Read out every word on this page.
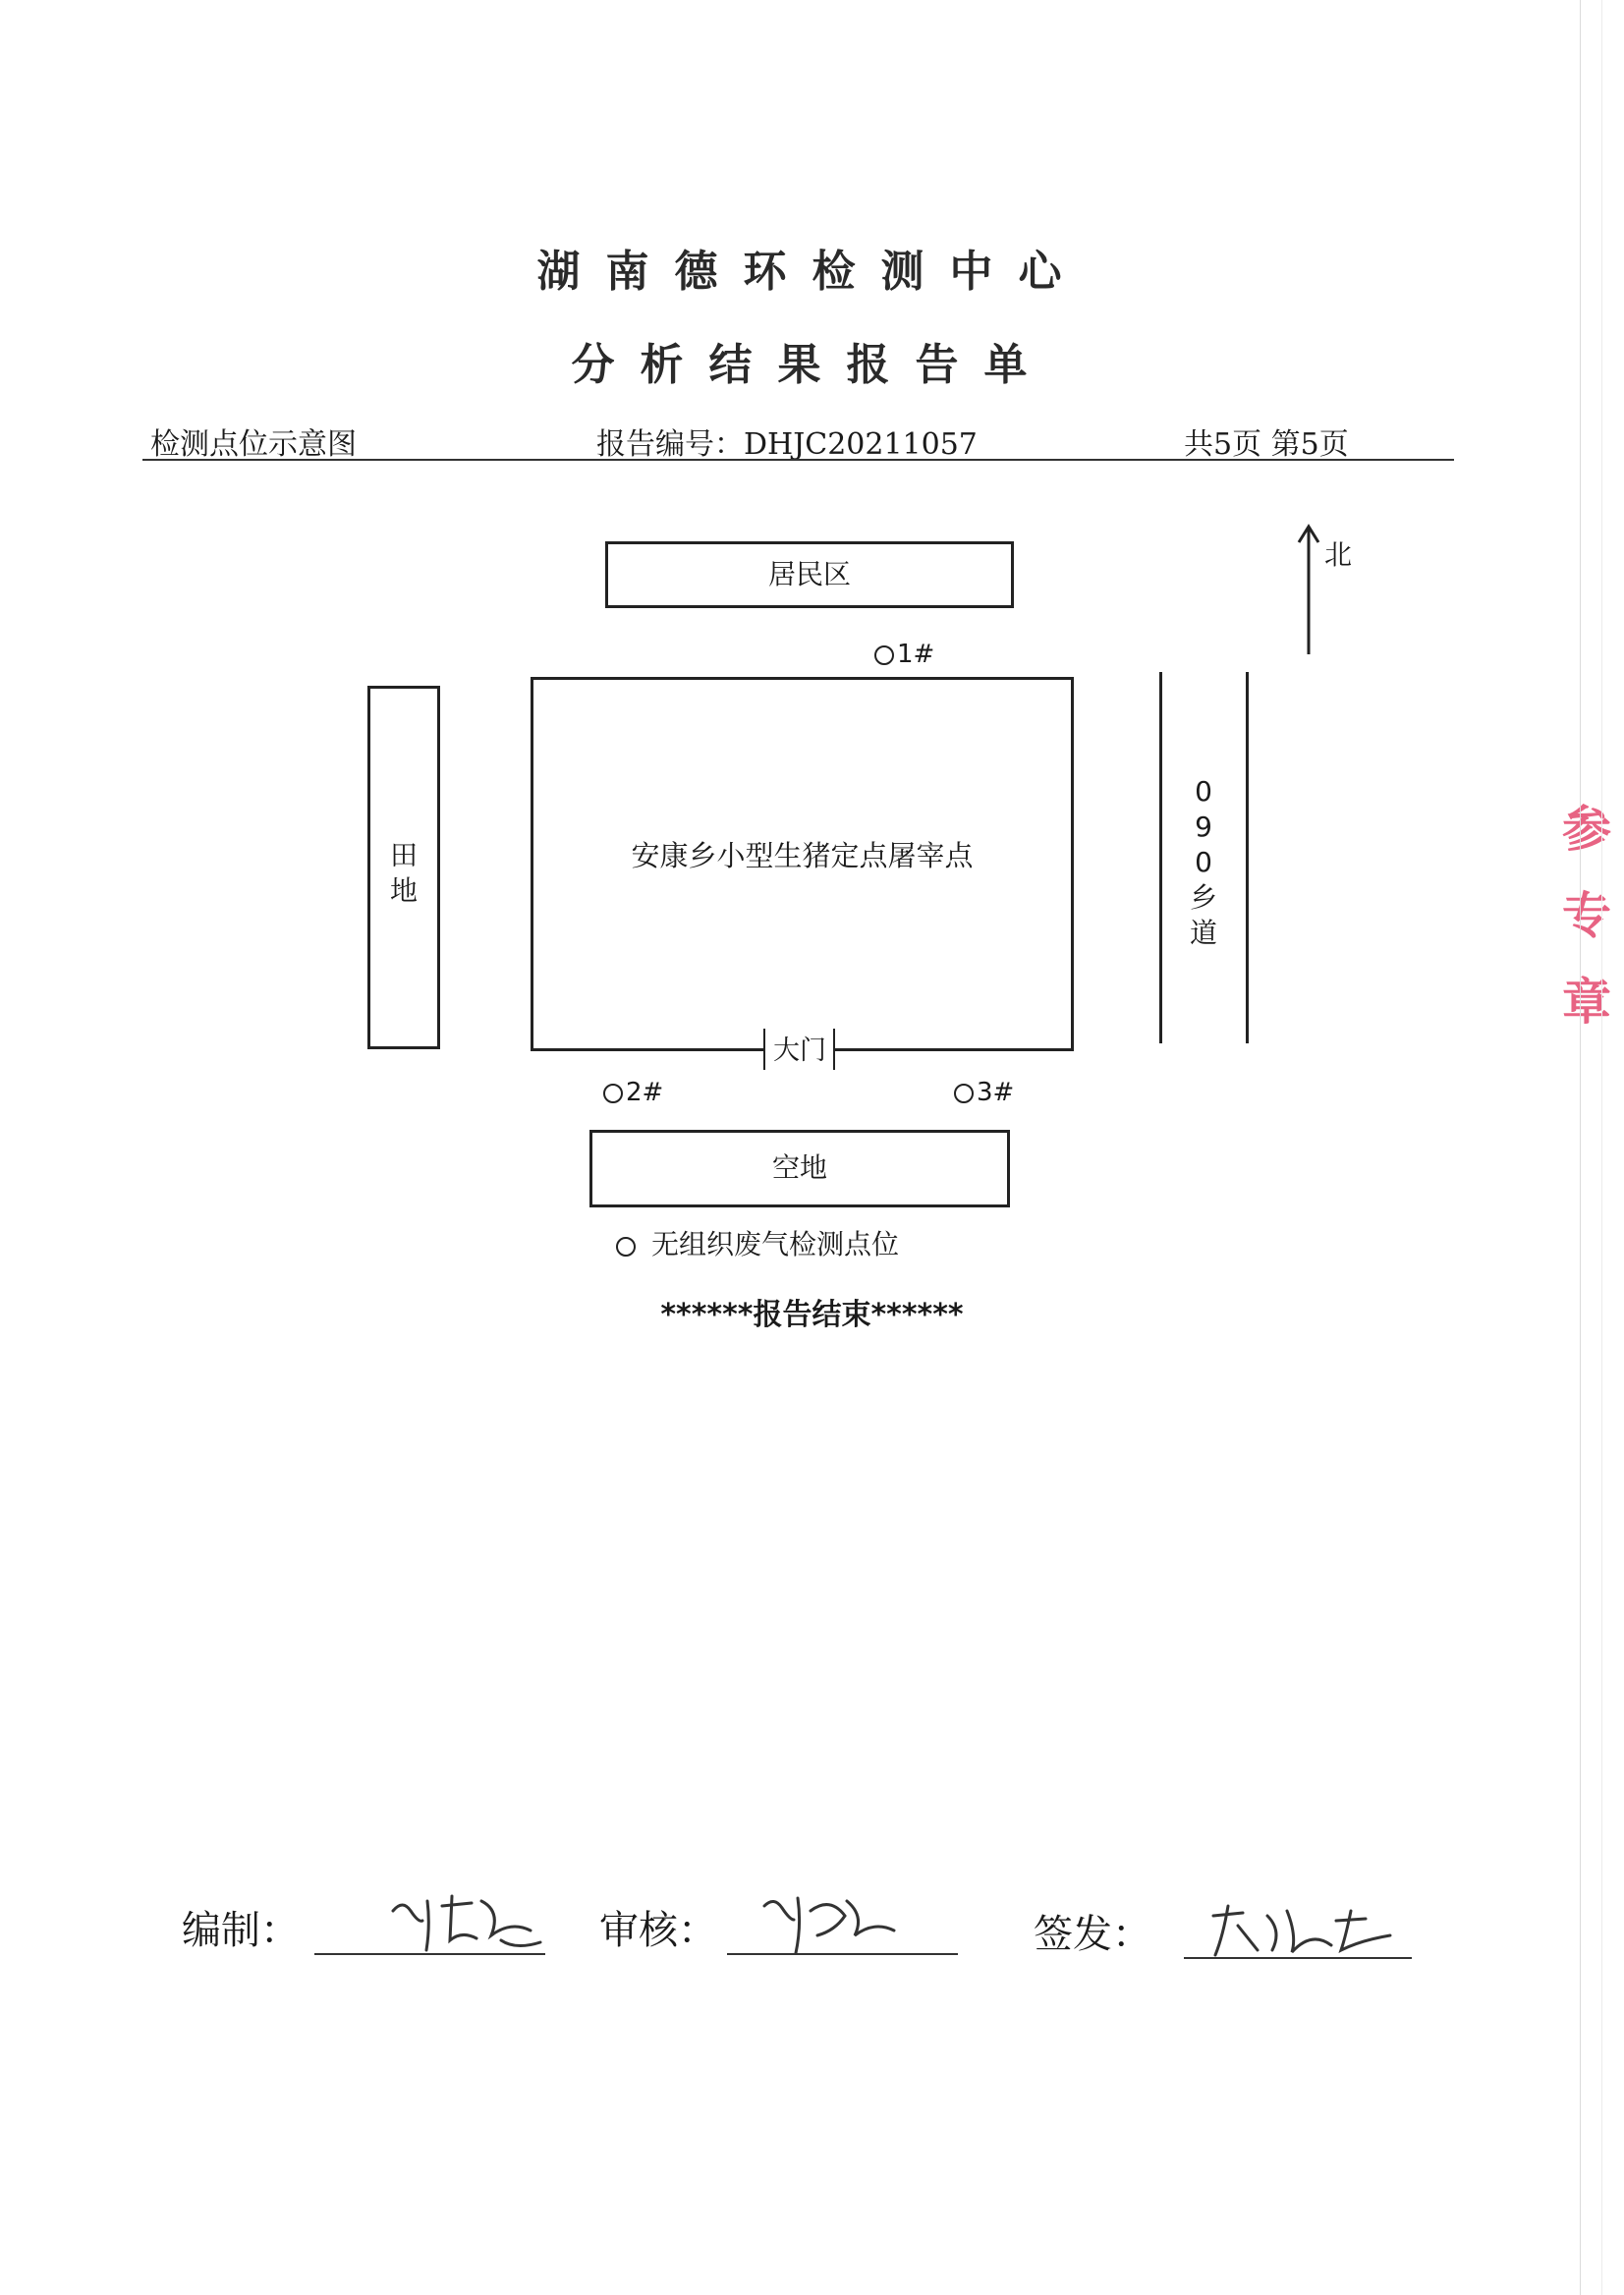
湖南德环检测中心
分析结果报告单
检测点位示意图	报告编号：DHJC20211057	共5页 第5页
居民区
1#
田
地
安康乡小型生猪定点屠宰点
大门
0
9
0
乡
道
北
2#	3#
空地
无组织废气检测点位
******报告结束******
编制：	审核：	签发：
参
专
章
